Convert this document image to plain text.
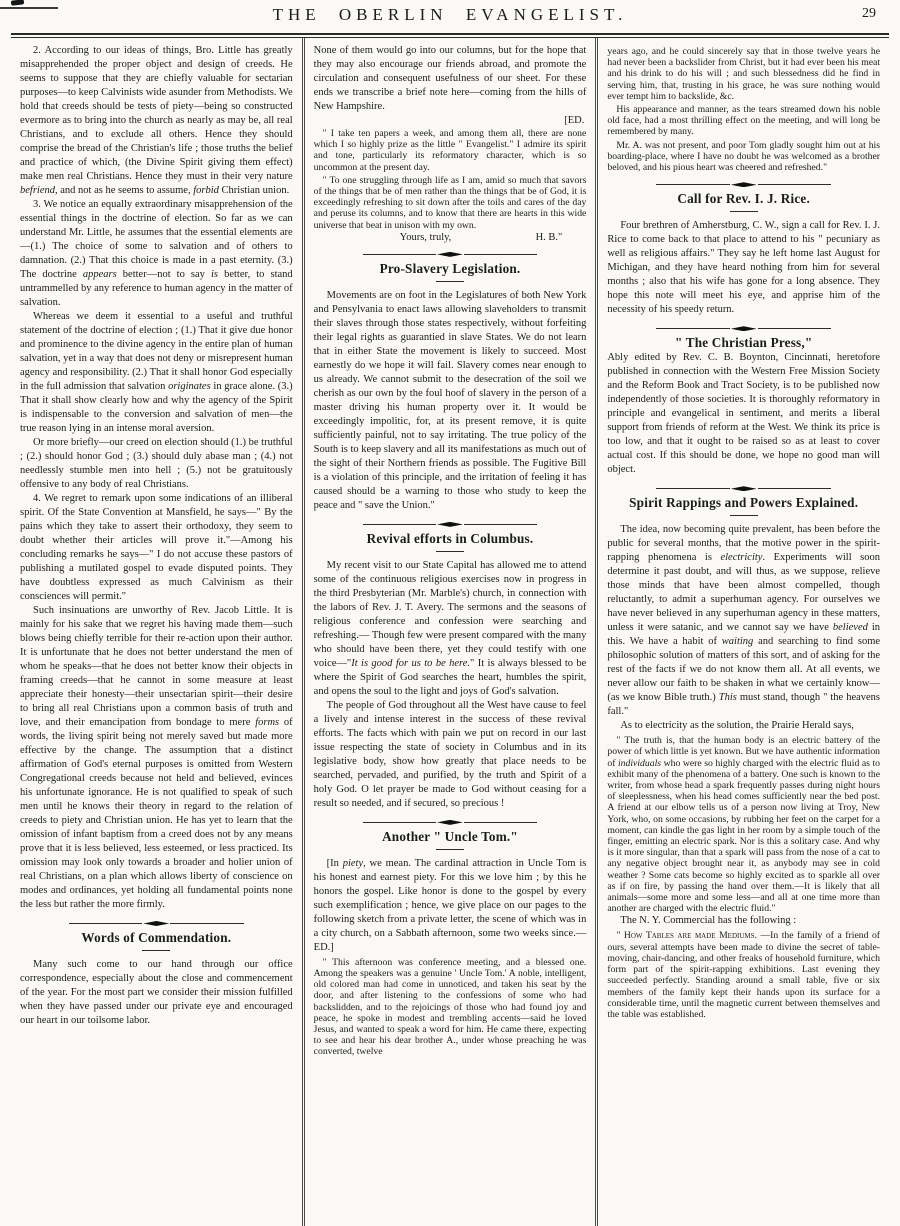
THE OBERLIN EVANGELIST.	29

2. According to our ideas of things, Bro. Little has greatly misapprehended the proper object and design of creeds. He seems to suppose that they are chiefly valuable for sectarian purposes—to keep Calvinists wide asunder from Methodists. We hold that creeds should be tests of piety—being so constructed evermore as to bring into the church as nearly as may be, all real Christians, and to exclude all others. Hence they should comprise the bread of the Christian's life ; those truths the belief and practice of which, (the Divine Spirit giving them effect) make men real Christians. Hence they must in their very nature befriend, and not as he seems to assume, forbid Christian union.

3. We notice an equally extraordinary misapprehension of the essential things in the doctrine of election. So far as we can understand Mr. Little, he assumes that the essential elements are—(1.) The choice of some to salvation and of others to damnation. (2.) That this choice is made in a past eternity. (3.) The doctrine appears better—not to say is better, to stand untrammelled by any reference to human agency in the matter of salvation.

Whereas we deem it essential to a useful and truthful statement of the doctrine of election ; (1.) That it give due honor and prominence to the divine agency in the entire plan of human salvation, yet in a way that does not deny or misrepresent human agency and responsibility. (2.) That it shall honor God especially in the full admission that salvation originates in grace alone. (3.) That it shall show clearly how and why the agency of the Spirit is indispensable to the conversion and salvation of men—the true reason lying in an intense moral aversion.

Or more briefly—our creed on election should (1.) be truthful ; (2.) should honor God ; (3.) should duly abase man ; (4.) not needlessly stumble men into hell ; (5.) not be gratuitously offensive to any body of real Christians.

4. We regret to remark upon some indications of an illiberal spirit. Of the State Convention at Mansfield, he says—" By the pains which they take to assert their orthodoxy, they seem to doubt whether their articles will prove it."—Among his concluding remarks he says—" I do not accuse these pastors of publishing a mutilated gospel to evade disputed points. They have doubtless expressed as much Calvinism as their consciences will permit."

Such insinuations are unworthy of Rev. Jacob Little. It is mainly for his sake that we regret his having made them—such blows being chiefly terrible for their re-action upon their author. It is unfortunate that he does not better understand the men of whom he speaks—that he does not better know their objects in framing creeds—that he cannot in some measure at least appreciate their honesty—their unsectarian spirit—their desire to bring all real Christians upon a common basis of truth and love, and their emancipation from bondage to mere forms of words, the living spirit being not merely saved but made more effective by the change. The assumption that a distinct affirmation of God's eternal purposes is omitted from Western Congregational creeds because not held and believed, evinces his unfortunate ignorance. He is not qualified to speak of such men until he knows their theory in regard to the relation of creeds to piety and Christian union. He has yet to learn that the omission of infant baptism from a creed does not by any means prove that it is less believed, less esteemed, or less practiced. Its omission may look only towards a broader and holier union of real Christians, on a plan which allows liberty of conscience on modes and ordinances, yet holding all fundamental points none the less but rather the more firmly.

Words of Commendation.

Many such come to our hand through our office correspondence, especially about the close and commencement of the year. For the most part we consider their mission fulfilled when they have passed under our private eye and encouraged our heart in our toilsome labor.

None of them would go into our columns, but for the hope that they may also encourage our friends abroad, and promote the circulation and consequent usefulness of our sheet. For these ends we transcribe a brief note here—coming from the hills of New Hampshire.

[ED.

" I take ten papers a week, and among them all, there are none which I so highly prize as the little " Evangelist." I admire its spirit and tone, particularly its reformatory character, which is so uncommon at the present day.

" To one struggling through life as I am, amid so much that savors of the things that be of men rather than the things that be of God, it is exceedingly refreshing to sit down after the toils and cares of the day and peruse its columns, and to know that there are hearts in this wide universe that beat in unison with my own.

Yours, truly,	H. B."

Pro-Slavery Legislation.

Movements are on foot in the Legislatures of both New York and Pensylvania to enact laws allowing slaveholders to transmit their slaves through those states respectively, without forfeiting their legal rights as guarantied in slave States. We do not learn that in either State the movement is likely to succeed. Most earnestly do we hope it will fail. Slavery comes near enough to us already. We cannot submit to the desecration of the soil we cherish as our own by the foul hoof of slavery in the person of a master driving his human property over it. It would be exceedingly impolitic, for, at its present remove, it is quite sufficiently painful, not to say irritating. The true policy of the South is to keep slavery and all its manifestations as much out of the sight of their Northern friends as possible. The Fugitive Bill is a violation of this principle, and the irritation of feeling it has caused should be a warning to those who study to keep the peace and " save the Union."

Revival efforts in Columbus.

My recent visit to our State Capital has allowed me to attend some of the continuous religious exercises now in progress in the third Presbyterian (Mr. Marble's) church, in connection with the labors of Rev. J. T. Avery. The sermons and the seasons of religious conference and confession were searching and refreshing.— Though few were present compared with the many who should have been there, yet they could testify with one voice—"It is good for us to be here." It is always blessed to be where the Spirit of God searches the heart, humbles the spirit, and opens the soul to the light and joys of God's salvation.

The people of God throughout all the West have cause to feel a lively and intense interest in the success of these revival efforts. The facts which with pain we put on record in our last issue respecting the state of society in Columbus and in its legislative body, show how greatly that place needs to be searched, pervaded, and purified, by the truth and Spirit of a holy God. O let prayer be made to God without ceasing for a result so needed, and if secured, so precious !

Another " Uncle Tom."

[In piety, we mean. The cardinal attraction in Uncle Tom is his honest and earnest piety. For this we love him ; by this he honors the gospel. Like honor is done to the gospel by every such exemplification ; hence, we give place on our pages to the following sketch from a private letter, the scene of which was in a city church, on a Sabbath afternoon, some two weeks since.—ED.]

" This afternoon was conference meeting, and a blessed one. Among the speakers was a genuine ' Uncle Tom.' A noble, intelligent, old colored man had come in unnoticed, and taken his seat by the door, and after listening to the confessions of some who had backslidden, and to the rejoicings of those who had found joy and peace, he spoke in modest and trembling accents—said he loved Jesus, and wanted to speak a word for him. He came there, expecting to see and hear his dear brother A., under whose preaching he was converted, twelve

years ago, and he could sincerely say that in those twelve years he had never been a backslider from Christ, but it had ever been his meat and his drink to do his will ; and such blessedness did he find in serving him, that, trusting in his grace, he was sure nothing would ever tempt him to backslide, &c.

His appearance and manner, as the tears streamed down his noble old face, had a most thrilling effect on the meeting, and will long be remembered by many.

Mr. A. was not present, and poor Tom gladly sought him out at his boarding-place, where I have no doubt he was welcomed as a brother beloved, and his pious heart was cheered and refreshed."

Call for Rev. I. J. Rice.

Four brethren of Amherstburg, C. W., sign a call for Rev. I. J. Rice to come back to that place to attend to his " pecuniary as well as religious affairs." They say he left home last August for Michigan, and they have heard nothing from him for several months ; also that his wife has gone for a long absence. They hope this note will meet his eye, and apprise him of the necessity of his speedy return.

" The Christian Press,"

Ably edited by Rev. C. B. Boynton, Cincinnati, heretofore published in connection with the Western Free Mission Society and the Reform Book and Tract Society, is to be published now independently of those societies. It is thoroughly reformatory in principle and evangelical in sentiment, and merits a liberal support from friends of reform at the West. We think its price is too low, and that it ought to be raised so as at least to cover actual cost. If this should be done, we hope no good man will object.

Spirit Rappings and Powers Explained.

The idea, now becoming quite prevalent, has been before the public for several months, that the motive power in the spirit-rapping phenomena is electricity. Experiments will soon determine it past doubt, and will thus, as we suppose, relieve those minds that have been almost compelled, though reluctantly, to admit a superhuman agency. For ourselves we have never believed in any superhuman agency in these matters, unless it were satanic, and we cannot say we have believed in this. We have a habit of waiting and searching to find some philosophic solution of matters of this sort, and of asking for the rest of the facts if we do not know them all. At all events, we never allow our faith to be shaken in what we certainly know—(as we know Bible truth.) This must stand, though " the heavens fall."

As to electricity as the solution, the Prairie Herald says,

" The truth is, that the human body is an electric battery of the power of which little is yet known. But we have authentic information of individuals who were so highly charged with the electric fluid as to exhibit many of the phenomena of a battery. One such is known to the writer, from whose head a spark frequently passes during night hours of sleeplessness, when his head comes sufficiently near the bed post. A friend at our elbow tells us of a person now living at Troy, New York, who, on some occasions, by rubbing her feet on the carpet for a moment, can kindle the gas light in her room by a simple touch of the finger, emitting an electric spark. Nor is this a solitary case. And why is it more singular, than that a spark will pass from the nose of a cat to any negative object brought near it, as anybody may see in cold weather ? Some cats become so highly excited as to sparkle all over as if on fire, by passing the hand over them.—It is likely that all animals—some more and some less—and all at one time more than another are charged with the electric fluid."

The N. Y. Commercial has the following :

" How Tables are made Mediums. —In the family of a friend of ours, several attempts have been made to divine the secret of table-moving, chair-dancing, and other freaks of household furniture, which form part of the spirit-rapping exhibitions. Last evening they succeeded perfectly. Standing around a small table, five or six members of the family kept their hands upon its surface for a considerable time, until the magnetic current between themselves and the table was established.
